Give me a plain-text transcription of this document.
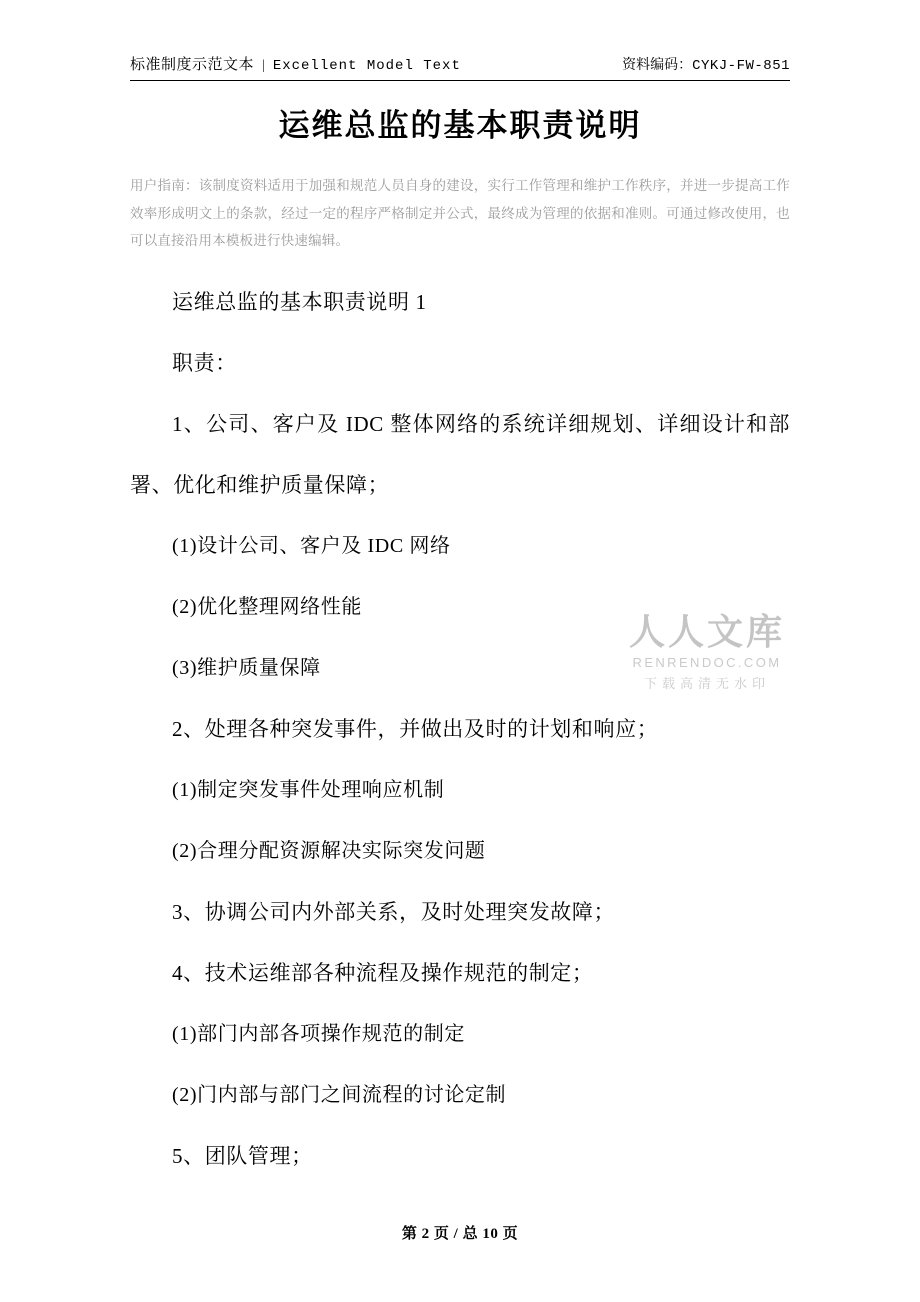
标准制度示范文本 | Excellent Model Text	资料编码：CYKJ-FW-851
运维总监的基本职责说明
用户指南：该制度资料适用于加强和规范人员自身的建设，实行工作管理和维护工作秩序，并进一步提高工作效率形成明文上的条款，经过一定的程序严格制定并公式，最终成为管理的依据和准则。可通过修改使用，也可以直接沿用本模板进行快速编辑。
运维总监的基本职责说明 1
职责：
1、公司、客户及 IDC 整体网络的系统详细规划、详细设计和部署、优化和维护质量保障；
(1)设计公司、客户及 IDC 网络
(2)优化整理网络性能
(3)维护质量保障
2、处理各种突发事件，并做出及时的计划和响应；
(1)制定突发事件处理响应机制
(2)合理分配资源解决实际突发问题
3、协调公司内外部关系，及时处理突发故障；
4、技术运维部各种流程及操作规范的制定；
(1)部门内部各项操作规范的制定
(2)门内部与部门之间流程的讨论定制
5、团队管理；
人人文库
RENRENDOC.COM
下载高清无水印
第 2 页 / 总 10 页
